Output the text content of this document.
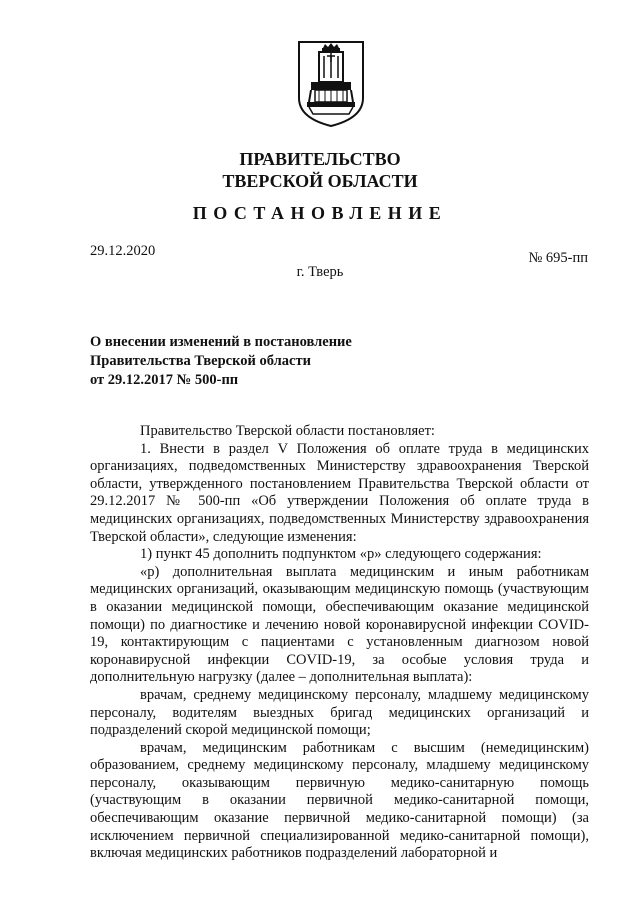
ПРАВИТЕЛЬСТВО
ТВЕРСКОЙ ОБЛАСТИ
ПОСТАНОВЛЕНИЕ
29.12.2020	№ 695-пп
г. Тверь
О внесении изменений в постановление
Правительства Тверской области
от 29.12.2017 № 500-пп

Правительство Тверской области постановляет:

1. Внести в раздел V Положения об оплате труда в медицинских организациях, подведомственных Министерству здравоохранения Тверской области, утвержденного постановлением Правительства Тверской области от 29.12.2017 № 500-пп «Об утверждении Положения об оплате труда в медицинских организациях, подведомственных Министерству здравоохранения Тверской области», следующие изменения:

1) пункт 45 дополнить подпунктом «р» следующего содержания:

«р) дополнительная выплата медицинским и иным работникам медицинских организаций, оказывающим медицинскую помощь (участвующим в оказании медицинской помощи, обеспечивающим оказание медицинской помощи) по диагностике и лечению новой коронавирусной инфекции COVID-19, контактирующим с пациентами с установленным диагнозом новой коронавирусной инфекции COVID-19, за особые условия труда и дополнительную нагрузку (далее – дополнительная выплата):

врачам, среднему медицинскому персоналу, младшему медицинскому персоналу, водителям выездных бригад медицинских организаций и подразделений скорой медицинской помощи;

врачам, медицинским работникам с высшим (немедицинским) образованием, среднему медицинскому персоналу, младшему медицинскому персоналу, оказывающим первичную медико-санитарную помощь (участвующим в оказании первичной медико-санитарной помощи, обеспечивающим оказание первичной медико-санитарной помощи) (за исключением первичной специализированной медико-санитарной помощи), включая медицинских работников подразделений лабораторной и
